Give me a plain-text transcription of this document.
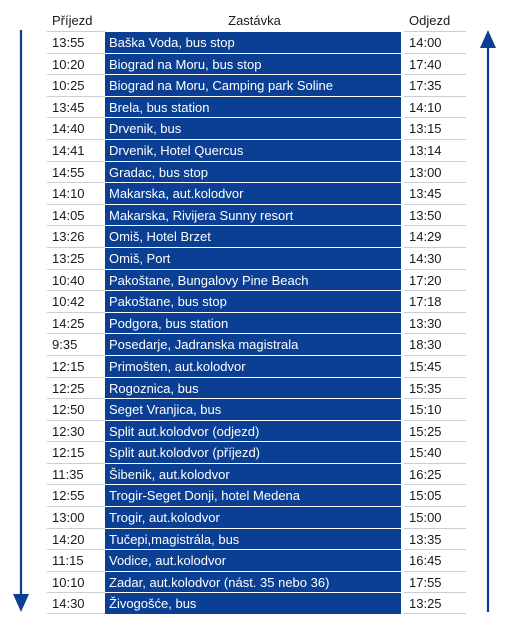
Příjezd	Zastávka	Odjezd
13:55	Baška Voda, bus stop	14:00
10:20	Biograd na Moru, bus stop	17:40
10:25	Biograd na Moru, Camping park Soline	17:35
13:45	Brela, bus station	14:10
14:40	Drvenik, bus	13:15
14:41	Drvenik, Hotel Quercus	13:14
14:55	Gradac, bus stop	13:00
14:10	Makarska, aut.kolodvor	13:45
14:05	Makarska, Rivijera Sunny resort	13:50
13:26	Omiš, Hotel Brzet	14:29
13:25	Omiš, Port	14:30
10:40	Pakoštane, Bungalovy Pine Beach	17:20
10:42	Pakoštane, bus stop	17:18
14:25	Podgora, bus station	13:30
9:35	Posedarje, Jadranska magistrala	18:30
12:15	Primošten, aut.kolodvor	15:45
12:25	Rogoznica, bus	15:35
12:50	Seget Vranjica, bus	15:10
12:30	Split aut.kolodvor (odjezd)	15:25
12:15	Split aut.kolodvor (příjezd)	15:40
11:35	Šibenik, aut.kolodvor	16:25
12:55	Trogir-Seget Donji, hotel Medena	15:05
13:00	Trogir, aut.kolodvor	15:00
14:20	Tučepi,magistrála, bus	13:35
11:15	Vodice, aut.kolodvor	16:45
10:10	Zadar, aut.kolodvor (nást. 35 nebo 36)	17:55
14:30	Živogošće, bus	13:25
